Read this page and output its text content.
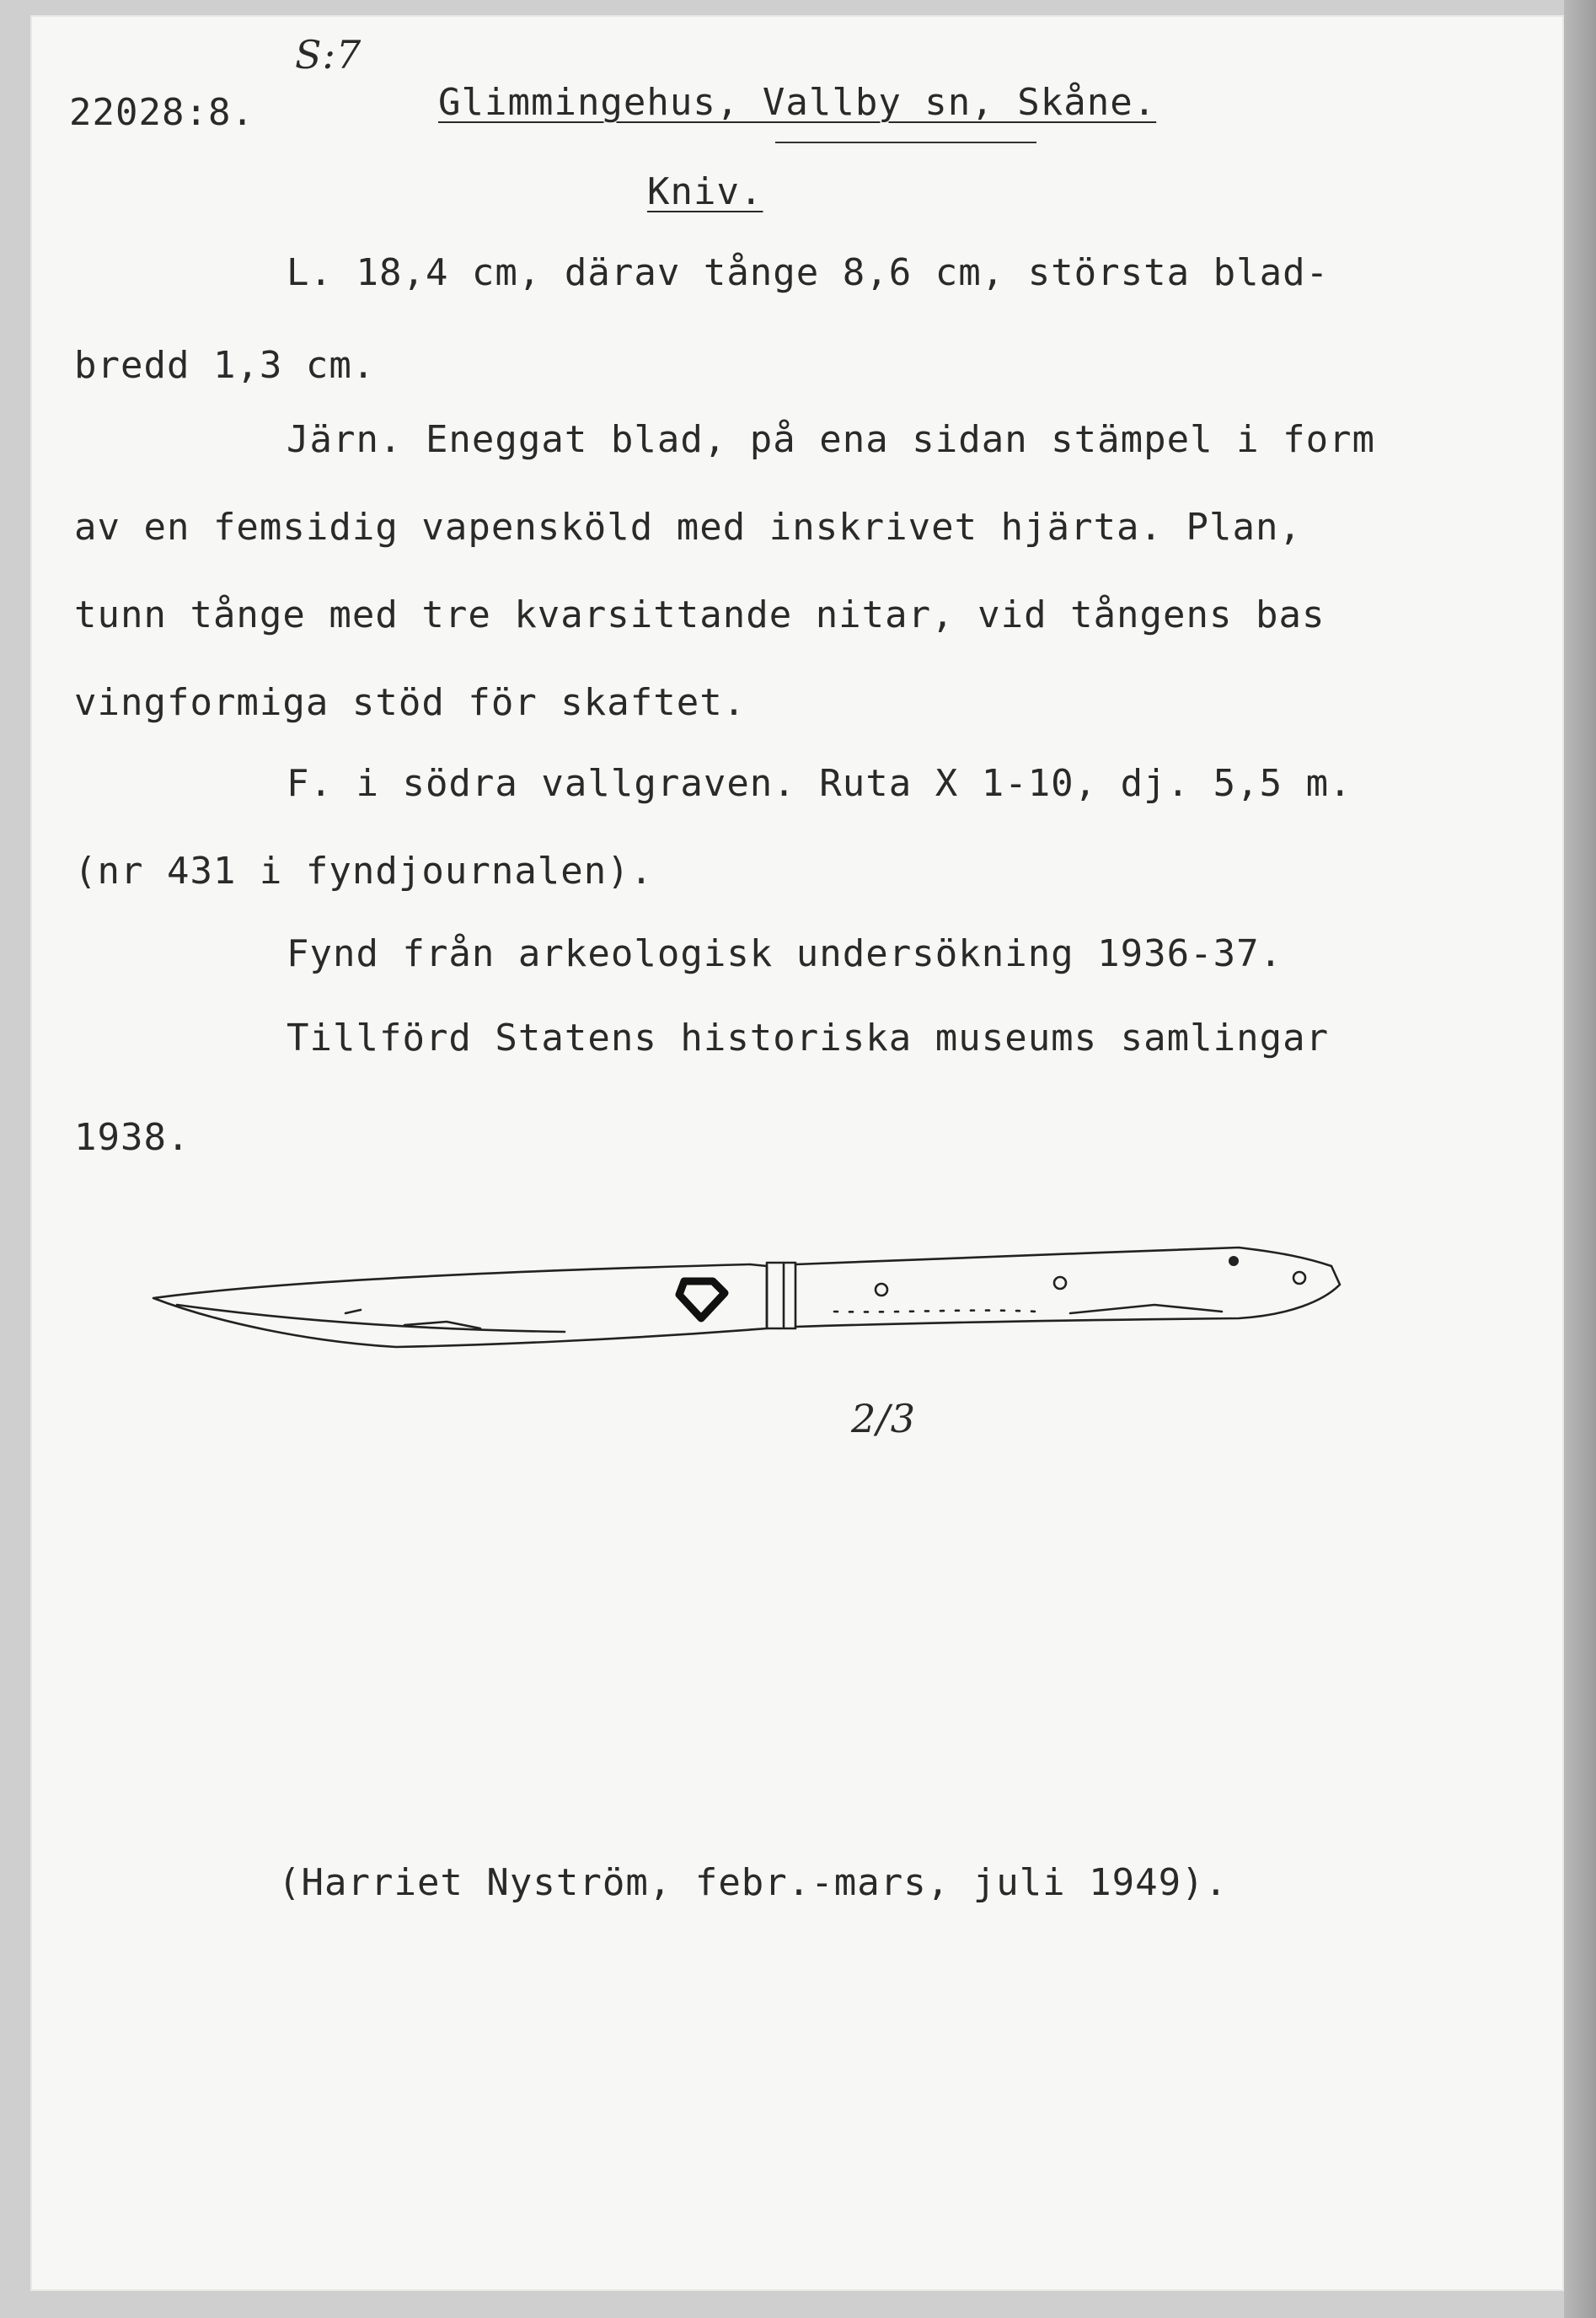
S:7
22028:8.	Glimmingehus, Vallby sn, Skåne.
Kniv.
L. 18,4 cm, därav tånge 8,6 cm, största blad-
bredd 1,3 cm.
Järn. Eneggat blad, på ena sidan stämpel i form
av en femsidig vapensköld med inskrivet hjärta. Plan,
tunn tånge med tre kvarsittande nitar, vid tångens bas
vingformiga stöd för skaftet.
F. i södra vallgraven. Ruta X 1-10, dj. 5,5 m.
(nr 431 i fyndjournalen).
Fynd från arkeologisk undersökning 1936-37.
Tillförd Statens historiska museums samlingar
1938.
2/3
(Harriet Nyström, febr.-mars, juli 1949).
